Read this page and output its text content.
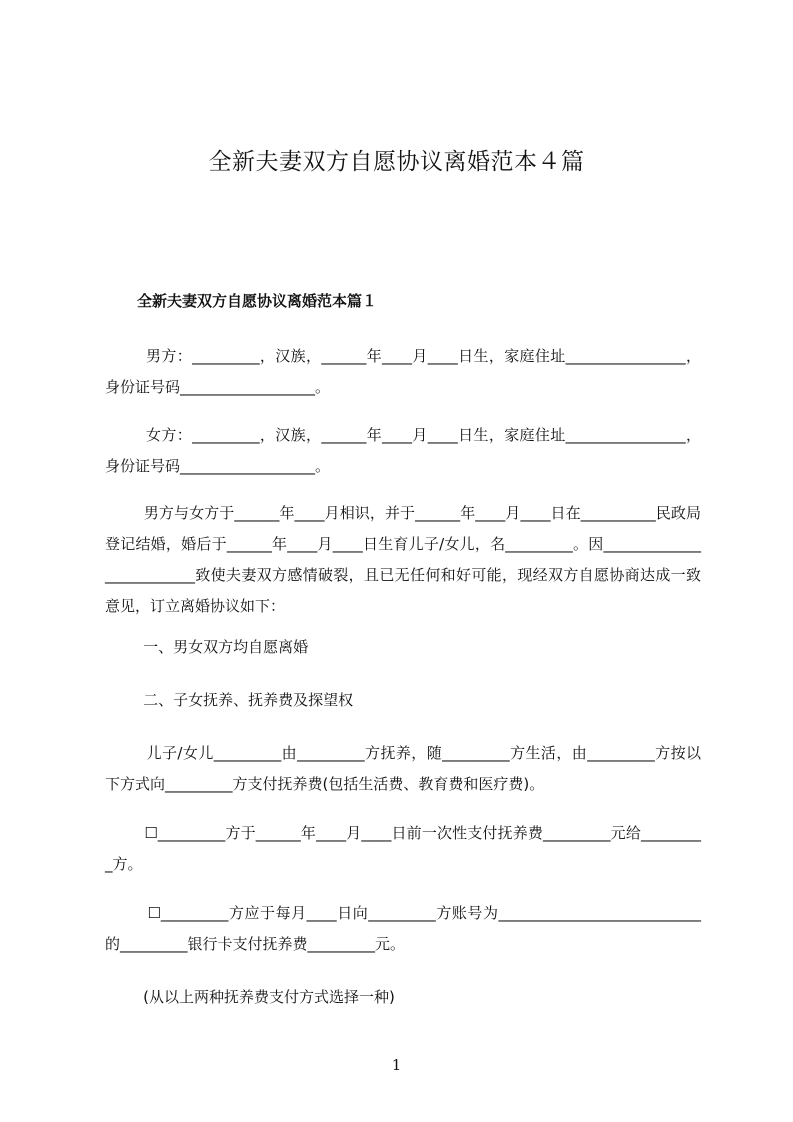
全新夫妻双方自愿协议离婚范本４篇
全新夫妻双方自愿协议离婚范本篇１
男方：_________，汉族，______年____月____日生，家庭住址________________，身份证号码__________________。
女方：_________，汉族，______年____月____日生，家庭住址________________，身份证号码__________________。
男方与女方于______年____月相识，并于______年____月____日在__________民政局登记结婚，婚后于______年____月____日生育儿子/女儿，名_________。因_________________________致使夫妻双方感情破裂，且已无任何和好可能，现经双方自愿协商达成一致意见，订立离婚协议如下：
一、男女双方均自愿离婚
二、子女抚养、抚养费及探望权
儿子/女儿_________由_________方抚养，随_________方生活，由_________方按以下方式向_________方支付抚养费(包括生活费、教育费和医疗费)。
☐_________方于______年____月____日前一次性支付抚养费_________元给_________方。
☐_________方应于每月____日向_________方账号为___________________________的_________银行卡支付抚养费_________元。
(从以上两种抚养费支付方式选择一种)
1
